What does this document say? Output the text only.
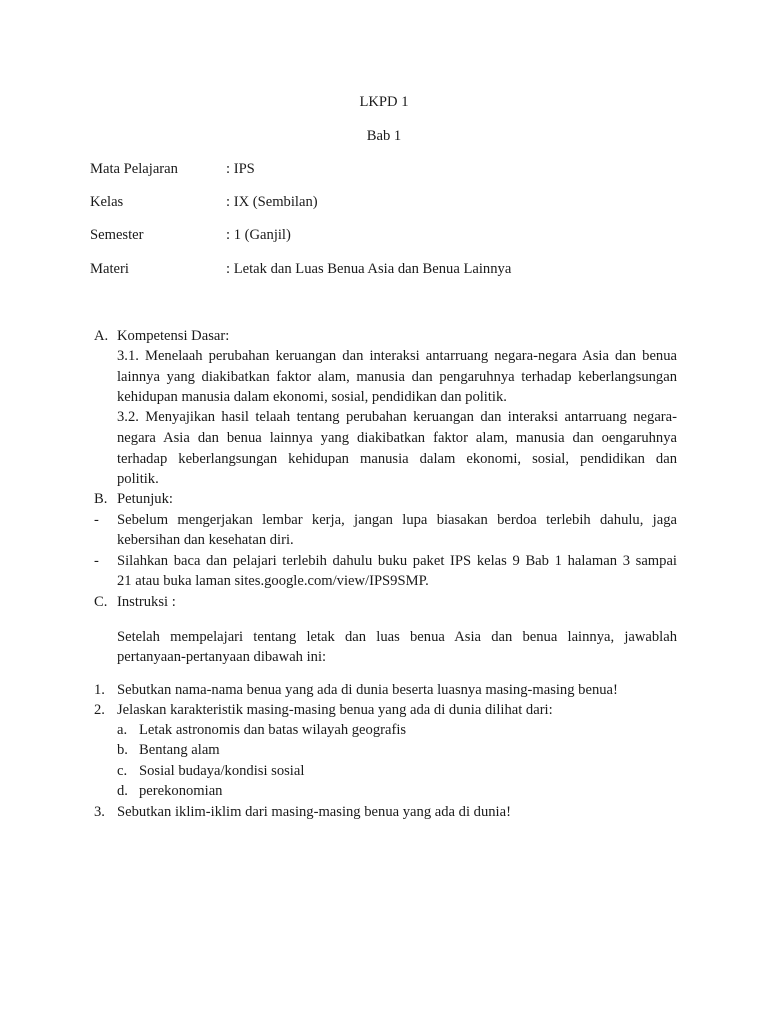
LKPD 1
Bab 1
Mata Pelajaran	: IPS
Kelas	: IX (Sembilan)
Semester	: 1 (Ganjil)
Materi	: Letak dan Luas Benua Asia dan Benua Lainnya
A. Kompetensi Dasar:
3.1. Menelaah perubahan keruangan dan interaksi antarruang negara-negara Asia dan benua
lainnya yang diakibatkan faktor alam, manusia dan pengaruhnya terhadap keberlangsungan
kehidupan manusia dalam ekonomi, sosial, pendidikan dan politik.
3.2. Menyajikan hasil telaah tentang perubahan keruangan dan interaksi antarruang negara-
negara Asia dan benua lainnya yang diakibatkan faktor alam, manusia dan oengaruhnya
terhadap keberlangsungan kehidupan manusia dalam ekonomi, sosial, pendidikan dan
politik.
B. Petunjuk:
- Sebelum mengerjakan lembar kerja, jangan lupa biasakan berdoa terlebih dahulu, jaga
kebersihan dan kesehatan diri.
- Silahkan baca dan pelajari terlebih dahulu buku paket IPS kelas 9 Bab 1 halaman 3 sampai
21 atau buka laman sites.google.com/view/IPS9SMP.
C. Instruksi :
Setelah mempelajari tentang letak dan luas benua Asia dan benua lainnya, jawablah
pertanyaan-pertanyaan dibawah ini:
1. Sebutkan nama-nama benua yang ada di dunia beserta luasnya masing-masing benua!
2. Jelaskan karakteristik masing-masing benua yang ada di dunia dilihat dari:
a. Letak astronomis dan batas wilayah geografis
b. Bentang alam
c. Sosial budaya/kondisi sosial
d. perekonomian
3. Sebutkan iklim-iklim dari masing-masing benua yang ada di dunia!
